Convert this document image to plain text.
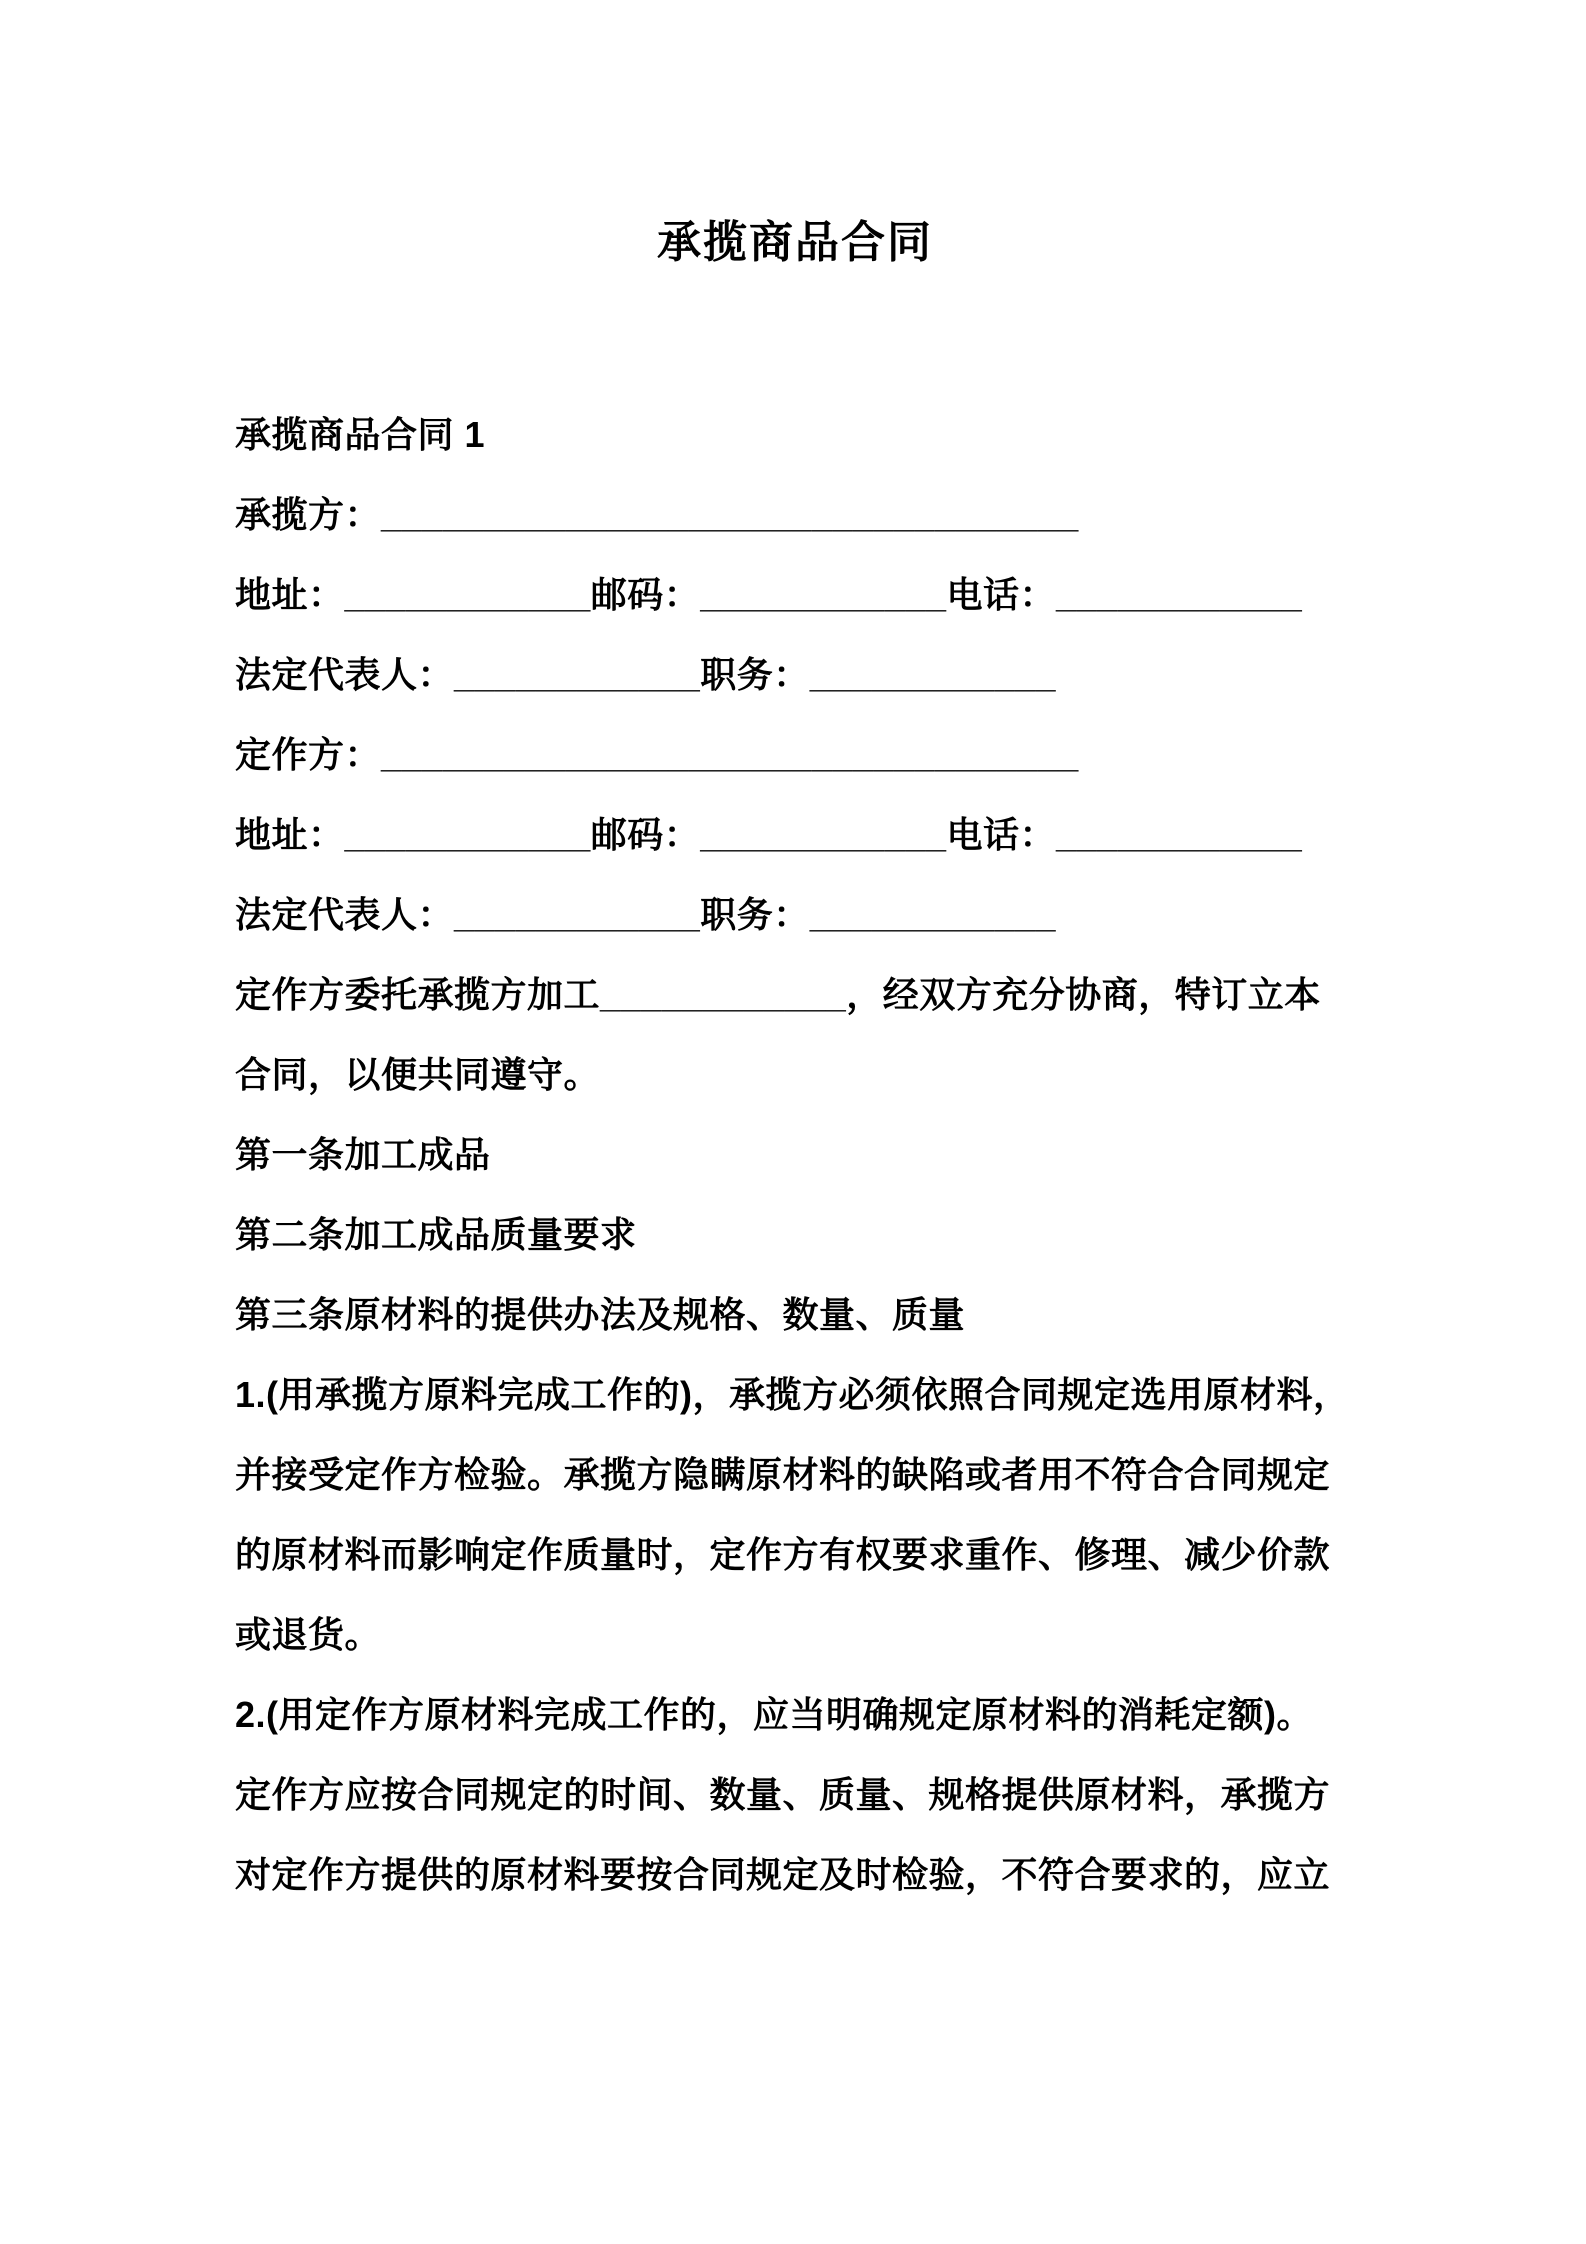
承揽商品合同
承揽商品合同 1
承揽方：__________________________________
地址：____________邮码：____________电话：____________
法定代表人：____________职务：____________
定作方：__________________________________
地址：____________邮码：____________电话：____________
法定代表人：____________职务：____________
定作方委托承揽方加工____________，经双方充分协商，特订立本
合同，以便共同遵守。
第一条加工成品
第二条加工成品质量要求
第三条原材料的提供办法及规格、数量、质量
1.(用承揽方原料完成工作的)，承揽方必须依照合同规定选用原材料，
并接受定作方检验。承揽方隐瞒原材料的缺陷或者用不符合合同规定
的原材料而影响定作质量时，定作方有权要求重作、修理、减少价款
或退货。
2.(用定作方原材料完成工作的，应当明确规定原材料的消耗定额)。
定作方应按合同规定的时间、数量、质量、规格提供原材料，承揽方
对定作方提供的原材料要按合同规定及时检验，不符合要求的，应立
